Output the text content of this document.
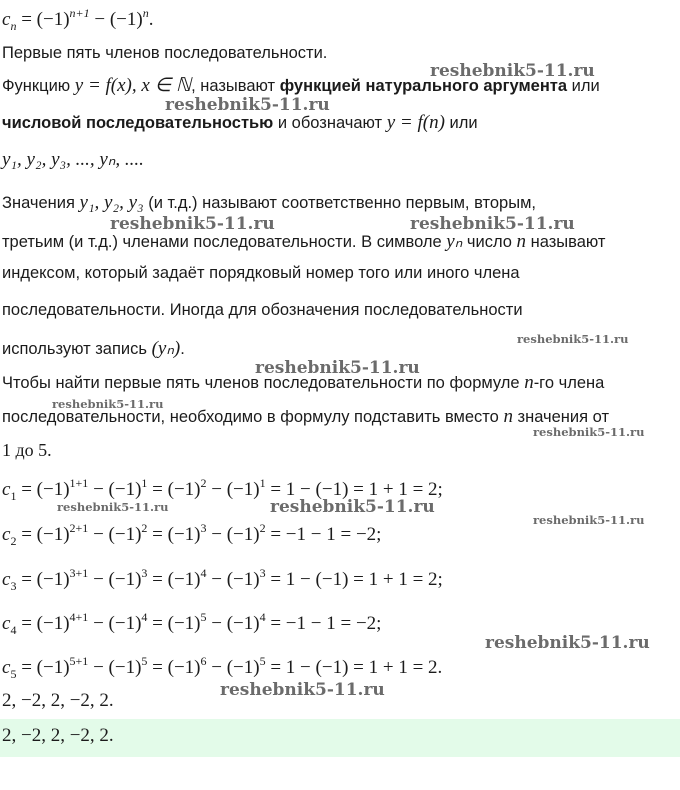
$c_n = (-1)^{n+1} - (-1)^n$.
Первые пять членов последовательности.
Функцию y = f(x), x ∈ ℕ, называют функцией натурального аргумента или
числовой последовательностью и обозначают y = f(n) или
y₁, y₂, y₃, ..., yₙ, ....
Значения y₁, y₂, y₃ (и т.д.) называют соответственно первым, вторым,
третьим (и т.д.) членами последовательности. В символе yₙ число n называют
индексом, который задаёт порядковый номер того или иного члена
последовательности. Иногда для обозначения последовательности
используют запись (yₙ).
Чтобы найти первые пять членов последовательности по формуле n-го члена
последовательности, необходимо в формулу подставить вместо n значения от
1 до 5.
$c_1 = (-1)^{1+1} - (-1)^1 = (-1)^2 - (-1)^1 = 1 - (-1) = 1 + 1 = 2$;
$c_2 = (-1)^{2+1} - (-1)^2 = (-1)^3 - (-1)^2 = -1 - 1 = -2$;
$c_3 = (-1)^{3+1} - (-1)^3 = (-1)^4 - (-1)^3 = 1 - (-1) = 1 + 1 = 2$;
$c_4 = (-1)^{4+1} - (-1)^4 = (-1)^5 - (-1)^4 = -1 - 1 = -2$;
$c_5 = (-1)^{5+1} - (-1)^5 = (-1)^6 - (-1)^5 = 1 - (-1) = 1 + 1 = 2$.
2, −2, 2, −2, 2.
2, −2, 2, −2, 2.
reshebnik5-11.ru
reshebnik5-11.ru
reshebnik5-11.ru	reshebnik5-11.ru
reshebnik5-11.ru
reshebnik5-11.ru
reshebnik5-11.ru
reshebnik5-11.ru
reshebnik5-11.ru	reshebnik5-11.ru
reshebnik5-11.ru
reshebnik5-11.ru
reshebnik5-11.ru
